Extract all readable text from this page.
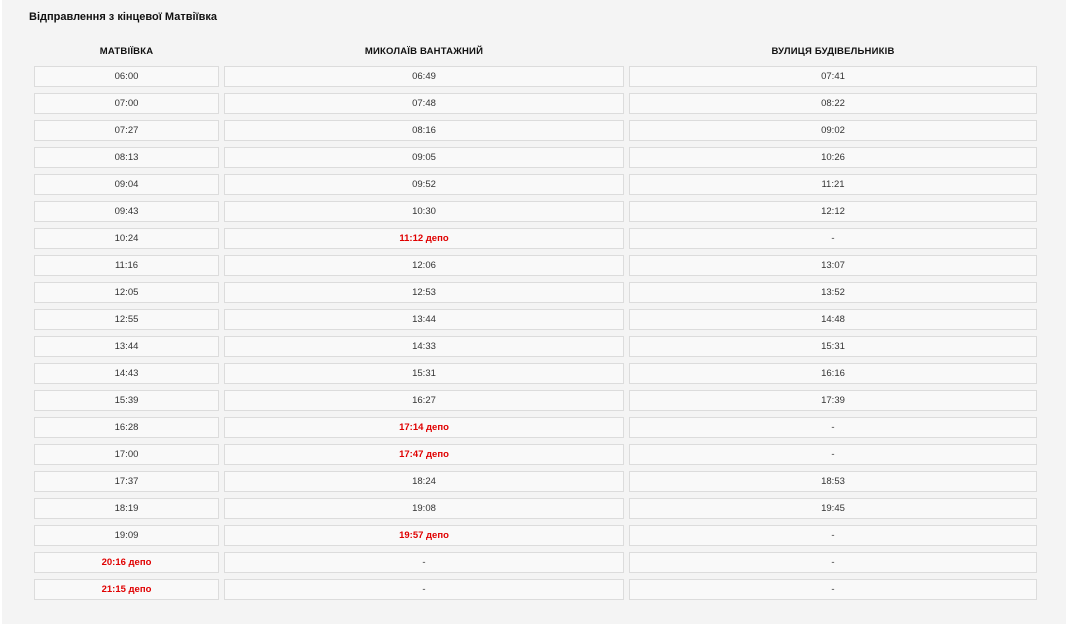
Відправлення з кінцевої Матвіївка
МАТВІЇВКА	МИКОЛАЇВ ВАНТАЖНИЙ	ВУЛИЦЯ БУДІВЕЛЬНИКІВ
06:00	06:49	07:41
07:00	07:48	08:22
07:27	08:16	09:02
08:13	09:05	10:26
09:04	09:52	11:21
09:43	10:30	12:12
10:24	11:12 депо	-
11:16	12:06	13:07
12:05	12:53	13:52
12:55	13:44	14:48
13:44	14:33	15:31
14:43	15:31	16:16
15:39	16:27	17:39
16:28	17:14 депо	-
17:00	17:47 депо	-
17:37	18:24	18:53
18:19	19:08	19:45
19:09	19:57 депо	-
20:16 депо	-	-
21:15 депо	-	-
